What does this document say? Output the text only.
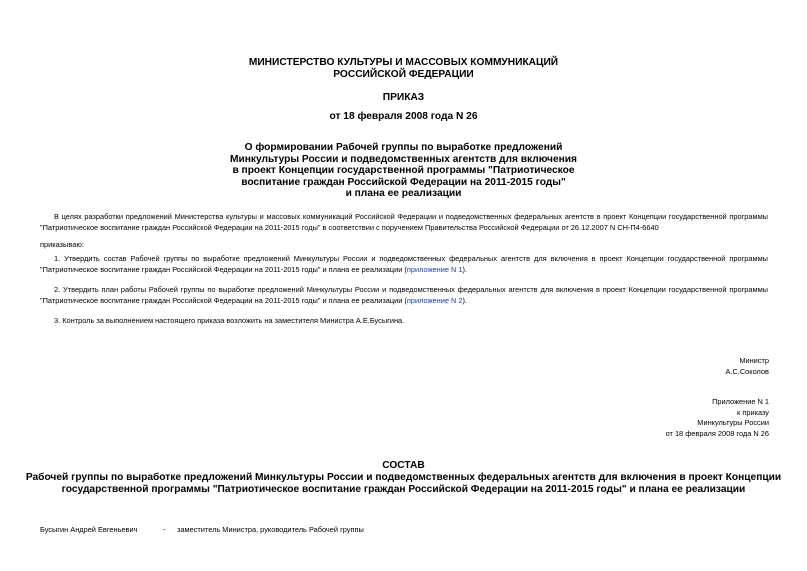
МИНИСТЕРСТВО КУЛЬТУРЫ И МАССОВЫХ КОММУНИКАЦИЙ
РОССИЙСКОЙ ФЕДЕРАЦИИ
ПРИКАЗ
от 18 февраля 2008 года N 26
О формировании Рабочей группы по выработке предложений
Минкультуры России и подведомственных агентств для включения
в проект Концепции государственной программы "Патриотическое
воспитание граждан Российской Федерации на 2011-2015 годы"
и плана ее реализации
В целях разработки предложений Министерства культуры и массовых коммуникаций Российской Федерации и подведомственных федеральных агентств в проект Концепции государственной программы "Патриотическое воспитание граждан Российской Федерации на 2011-2015 годы" в соответствии с поручением Правительства Российской Федерации от 26.12.2007 N СН-П4-6640
приказываю:
1. Утвердить состав Рабочей группы по выработке предложений Минкультуры России и подведомственных федеральных агентств для включения в проект Концепции государственной программы "Патриотическое воспитание граждан Российской Федерации на 2011-2015 годы" и плана ее реализации (приложение N 1).
2. Утвердить план работы Рабочей группы по выработке предложений Минкультуры России и подведомственных федеральных агентств для включения в проект Концепции государственной программы "Патриотическое воспитание граждан Российской Федерации на 2011-2015 годы" и плана ее реализации (приложение N 2).
3. Контроль за выполнением настоящего приказа возложить на заместителя Министра А.Е.Бусыгина.
Министр
А.С.Соколов
Приложение N 1
к приказу
Минкультуры России
от 18 февраля 2008 года N 26
СОСТАВ
Рабочей группы по выработке предложений Минкультуры России и подведомственных федеральных агентств для включения в проект Концепции
государственной программы "Патриотическое воспитание граждан Российской Федерации на 2011-2015 годы" и плана ее реализации
Бусыгин Андрей Евгеньевич	- заместитель Министра, руководитель Рабочей группы
